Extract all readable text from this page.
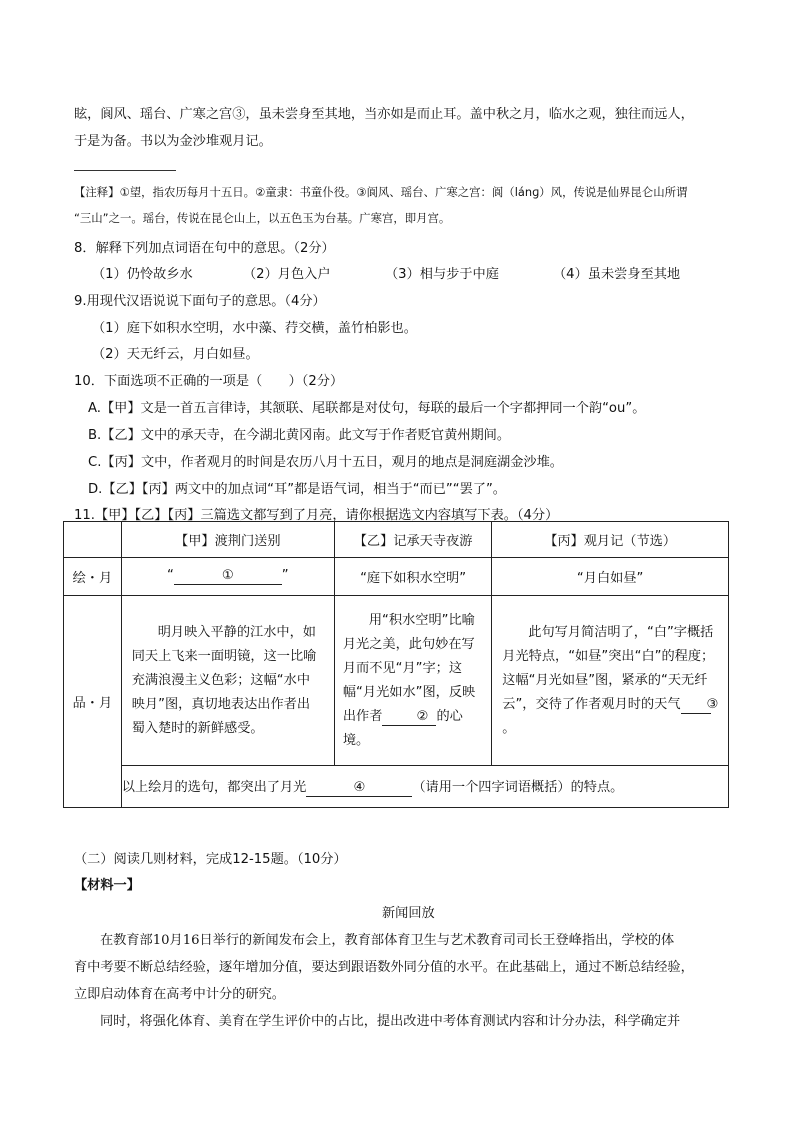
眩，阆风、瑶台、广寒之宫③，虽未尝身至其地，当亦如是而止耳。盖中秋之月，临水之观，独往而远人，
于是为备。书以为金沙堆观月记。
【注释】①望，指农历每月十五日。②童隶：书童仆役。③阆风、瑶台、广寒之宫：阆（lánɡ）风，传说是仙界昆仑山所谓
“三山”之一。瑶台，传说在昆仑山上，以五色玉为台基。广寒宫，即月宫。
8．解释下列加点词语在句中的意思。（2分）
（1）仍怜故乡水	（2）月色入户	（3）相与步于中庭	（4）虽未尝身至其地
9.用现代汉语说说下面句子的意思。（4分）
（1）庭下如积水空明，水中藻、荇交横，盖竹柏影也。
（2）天无纤云，月白如昼。
10．下面选项不正确的一项是（　　）（2分）
A.【甲】文是一首五言律诗，其颔联、尾联都是对仗句，每联的最后一个字都押同一个韵“ou”。
B.【乙】文中的承天寺，在今湖北黄冈南。此文写于作者贬官黄州期间。
C.【丙】文中，作者观月的时间是农历八月十五日，观月的地点是洞庭湖金沙堆。
D.【乙】【丙】两文中的加点词“耳”都是语气词，相当于“而已”“罢了”。
11.【甲】【乙】【丙】三篇选文都写到了月亮，请你根据选文内容填写下表。（4分）
	【甲】渡荆门送别	【乙】记承天寺夜游	【丙】观月记（节选）
绘・月	“ ① ”	“庭下如积水空明”	“月白如昼”
品・月	明月映入平静的江水中，如同天上飞来一面明镜，这一比喻充满浪漫主义色彩；这幅“水中映月”图，真切地表达出作者出蜀入楚时的新鲜感受。	用“积水空明”比喻月光之美，此句妙在写月而不见“月”字；这幅“月光如水”图，反映出作者 ② 的心境。	此句写月简洁明了，“白”字概括月光特点，“如昼”突出“白”的程度；这幅“月光如昼”图，紧承的“天无纤云”，交待了作者观月时的天气 ③。

	以上绘月的选句，都突出了月光 ④ （请用一个四字词语概括）的特点。		
（二）阅读几则材料，完成12-15题。（10分）
【材料一】
新闻回放
在教育部10月16日举行的新闻发布会上，教育部体育卫生与艺术教育司司长王登峰指出，学校的体
育中考要不断总结经验，逐年增加分值，要达到跟语数外同分值的水平。在此基础上，通过不断总结经验，
立即启动体育在高考中计分的研究。
同时，将强化体育、美育在学生评价中的占比，提出改进中考体育测试内容和计分办法，科学确定并
